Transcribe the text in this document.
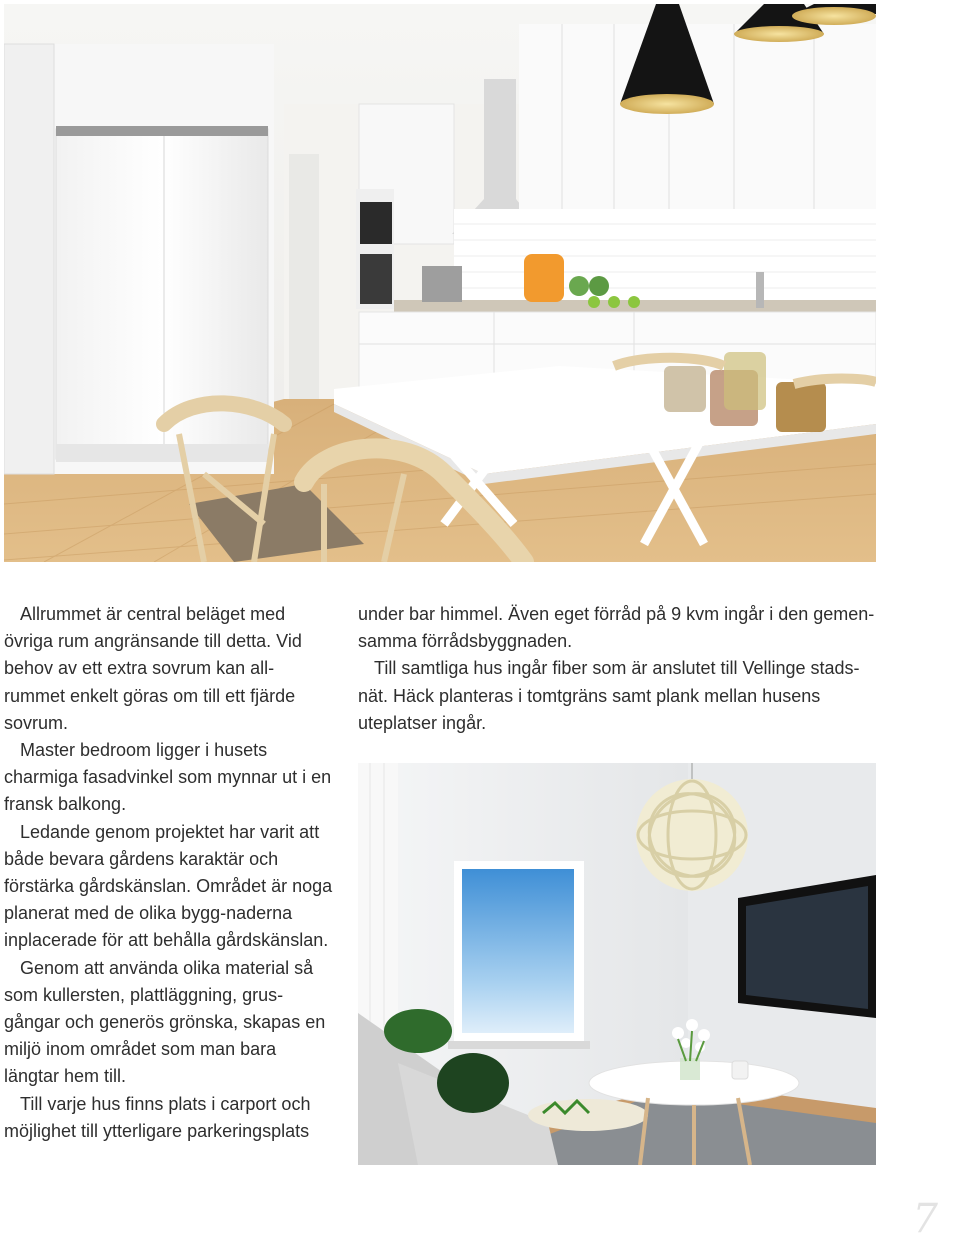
Allrummet är central beläget med övriga rum angränsande till detta. Vid behov av ett extra sovrum kan all-rummet enkelt göras om till ett fjärde sovrum.

Master bedroom ligger i husets charmiga fasadvinkel som mynnar ut i en fransk balkong.

Ledande genom projektet har varit att både bevara gårdens karaktär och förstärka gårdskänslan. Området är noga planerat med de olika bygg-naderna inplacerade för att behålla gårdskänslan.

Genom att använda olika material så som kullersten, plattläggning, grus-gångar och generös grönska, skapas en miljö inom området som man bara längtar hem till.

Till varje hus finns plats i carport och möjlighet till ytterligare parkeringsplats

under bar himmel. Även eget förråd på 9 kvm ingår i den gemen-samma förrådsbyggnaden.

Till samtliga hus ingår fiber som är anslutet till Vellinge stads-nät. Häck planteras i tomtgräns samt plank mellan husens uteplatser ingår.

7
